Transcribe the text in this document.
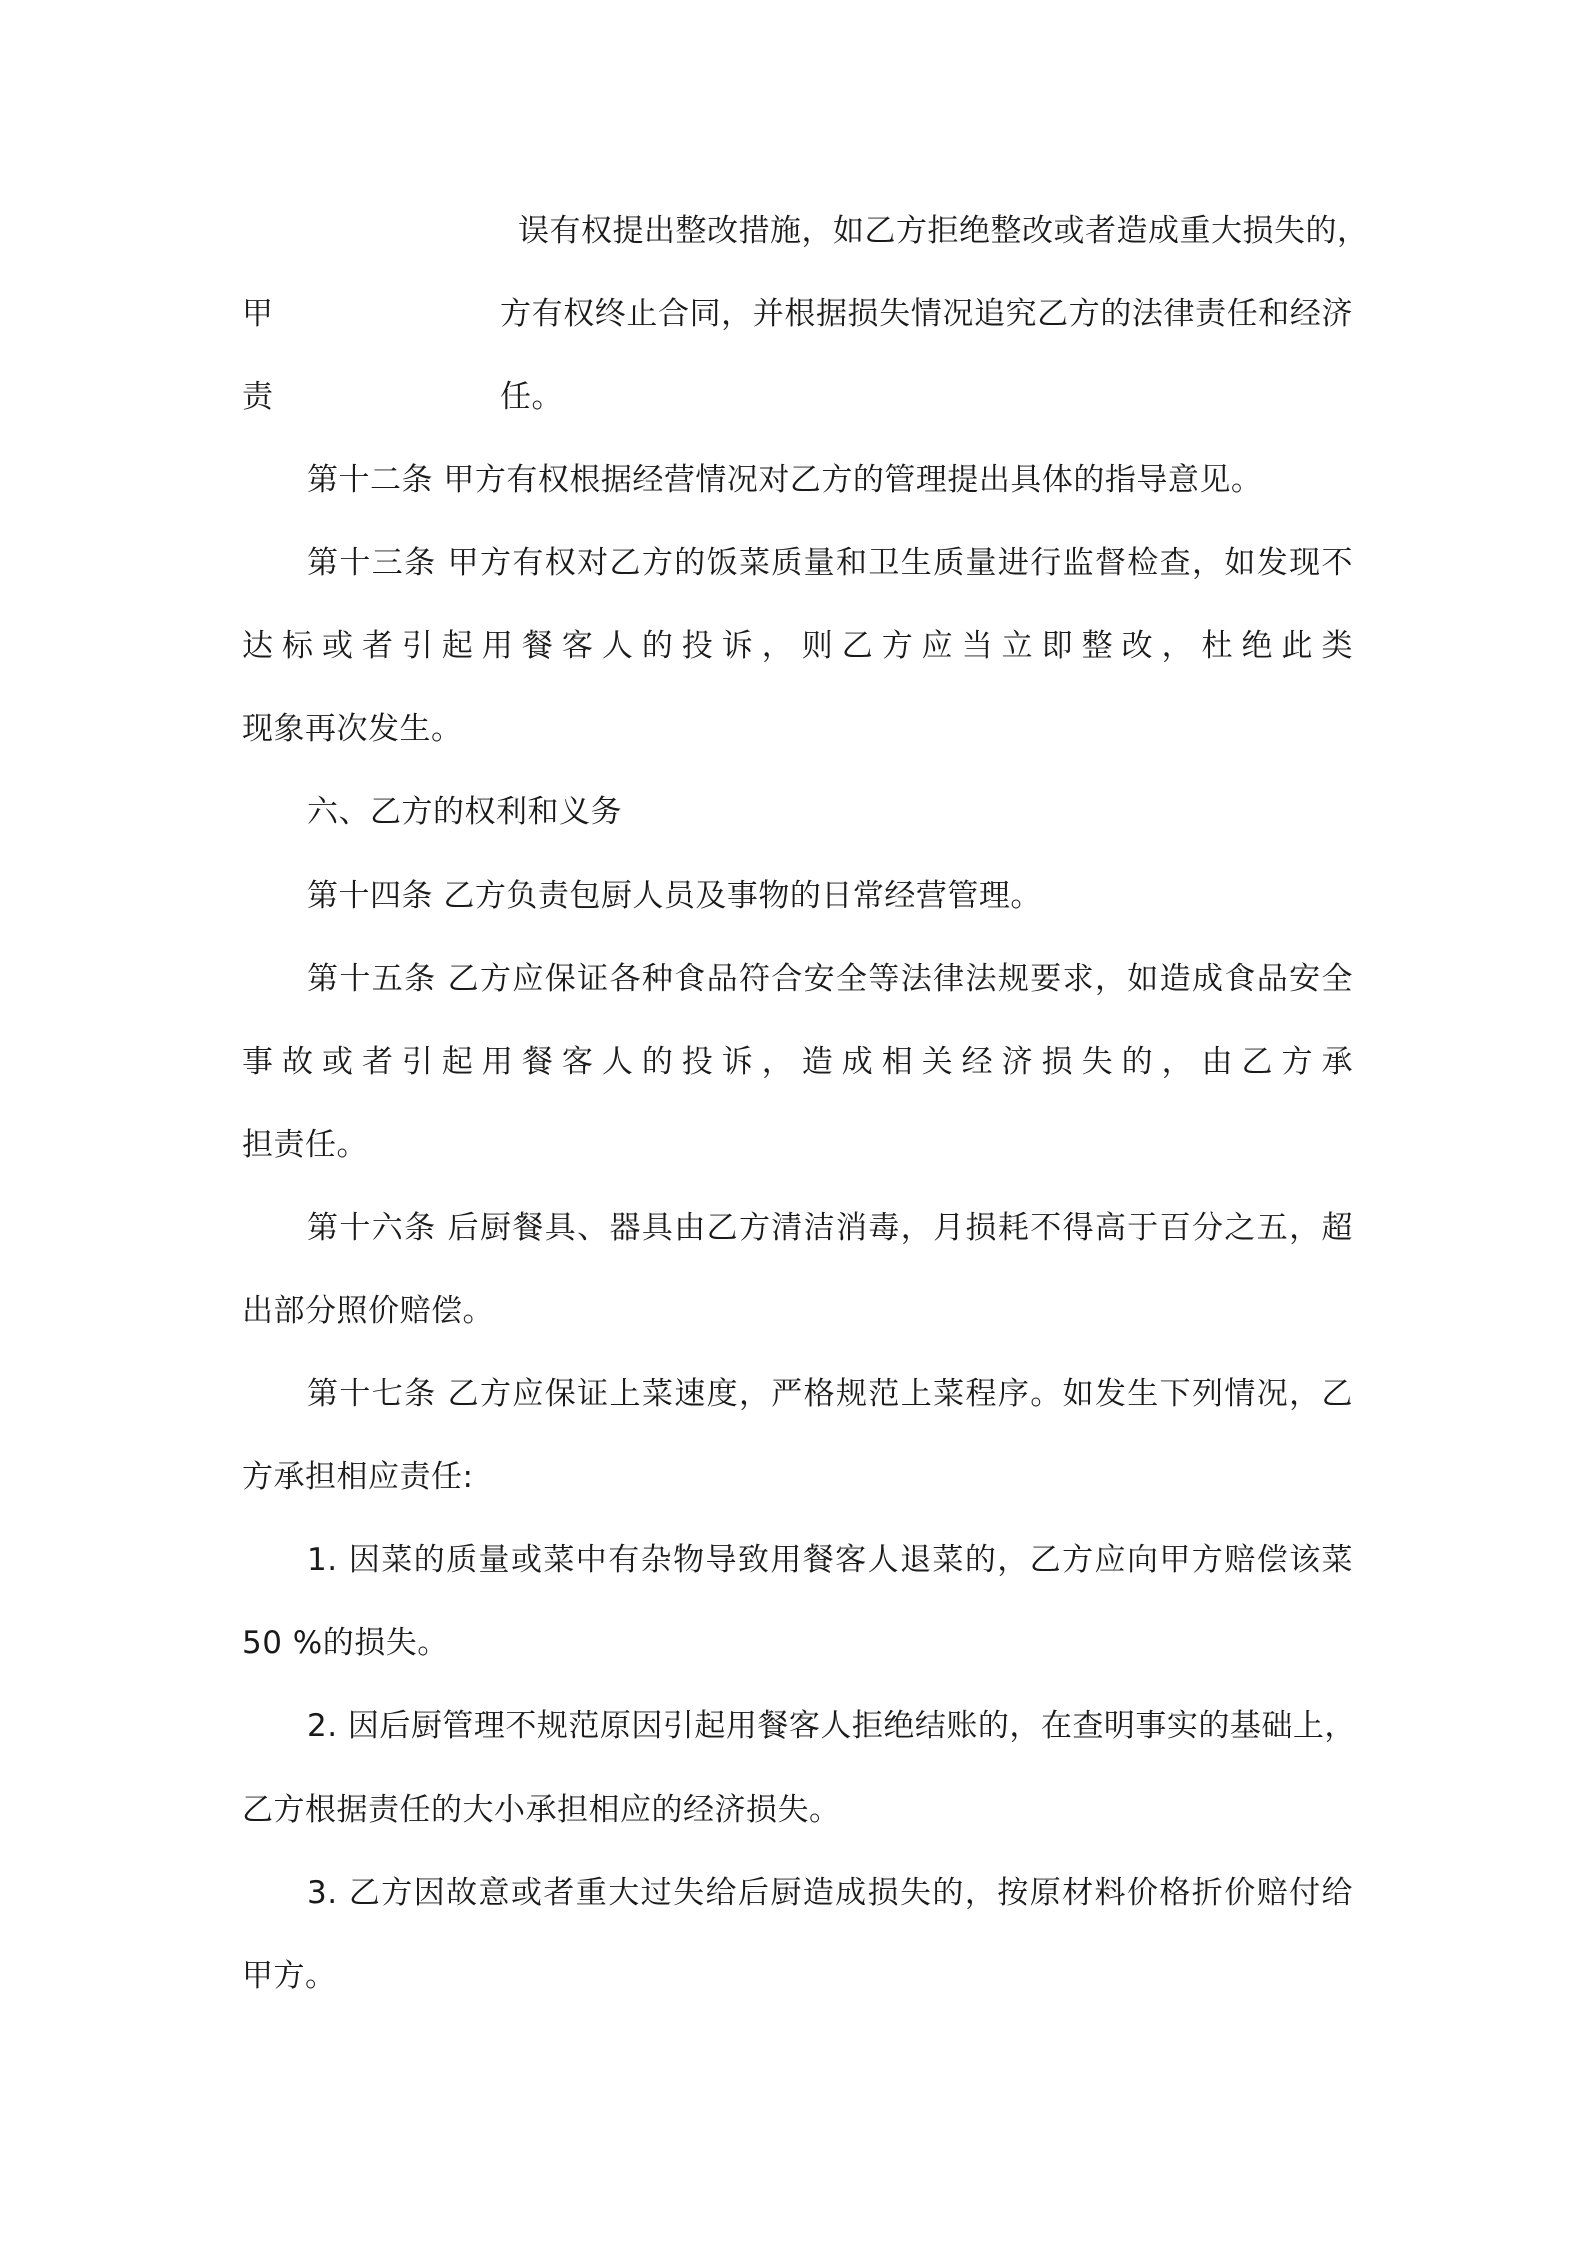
误有权提出整改措施，如乙方拒绝整改或者造成重大损失的，
甲	方有权终止合同，并根据损失情况追究乙方的法律责任和经济
责	任。
第十二条 甲方有权根据经营情况对乙方的管理提出具体的指导意见。
第十三条 甲方有权对乙方的饭菜质量和卫生质量进行监督检查，如发现不
达标或者引起用餐客人的投诉，则乙方应当立即整改，杜绝此类
现象再次发生。
六、乙方的权利和义务
第十四条 乙方负责包厨人员及事物的日常经营管理。
第十五条 乙方应保证各种食品符合安全等法律法规要求，如造成食品安全
事故或者引起用餐客人的投诉，造成相关经济损失的，由乙方承
担责任。
第十六条 后厨餐具、器具由乙方清洁消毒，月损耗不得高于百分之五，超
出部分照价赔偿。
第十七条 乙方应保证上菜速度，严格规范上菜程序。如发生下列情况，乙
方承担相应责任:
1. 因菜的质量或菜中有杂物导致用餐客人退菜的，乙方应向甲方赔偿该菜
50 %的损失。
2. 因后厨管理不规范原因引起用餐客人拒绝结账的，在查明事实的基础上，
乙方根据责任的大小承担相应的经济损失。
3. 乙方因故意或者重大过失给后厨造成损失的，按原材料价格折价赔付给
甲方。
